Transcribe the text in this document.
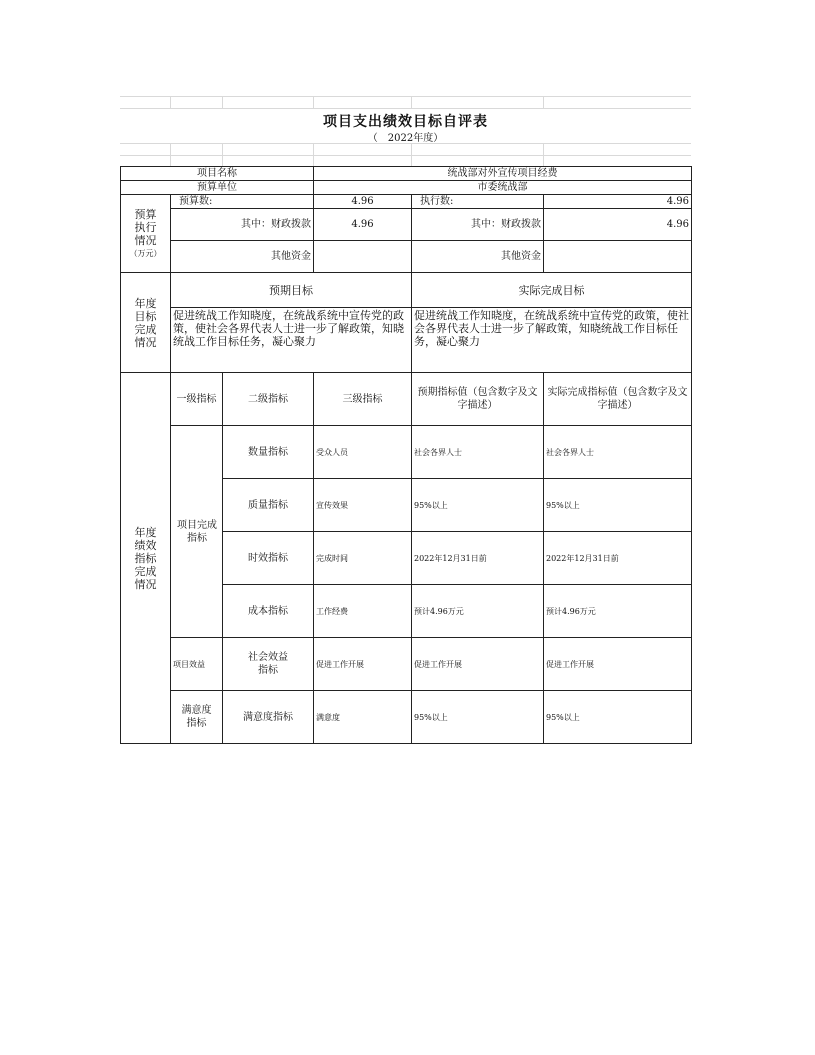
项目支出绩效目标自评表
（　2022年度）
项目名称			统战部对外宣传项目经费		
预算单位			市委统战部		

预算执行情况
（万元）	预算数:		4.96	执行数:	4.96
	其中：财政拨款		4.96	其中：财政拨款	4.96
	其他资金			其他资金	

年度目标完成情况	预期目标			实际完成目标	
	促进统战工作知晓度，在统战系统中宣传党的政策，使社会各界代表人士进一步了解政策，知晓统战工作目标任务，凝心聚力			促进统战工作知晓度，在统战系统中宣传党的政策，使社会各界代表人士进一步了解政策，知晓统战工作目标任务，凝心聚力	

年度绩效指标完成情况	一级指标	二级指标	三级指标	预期指标值（包含数字及文字描述）	实际完成指标值（包含数字及文字描述）

	项目完成指标	数量指标	受众人员	社会各界人士	社会各界人士
		质量指标	宣传效果	95%以上	95%以上
		时效指标	完成时间	2022年12月31日前	2022年12月31日前
		成本指标	工作经费	预计4.96万元	预计4.96万元
	项目效益	社会效益指标	促进工作开展	促进工作开展	促进工作开展

	满意度指标	满意度指标	满意度	95%以上	95%以上
